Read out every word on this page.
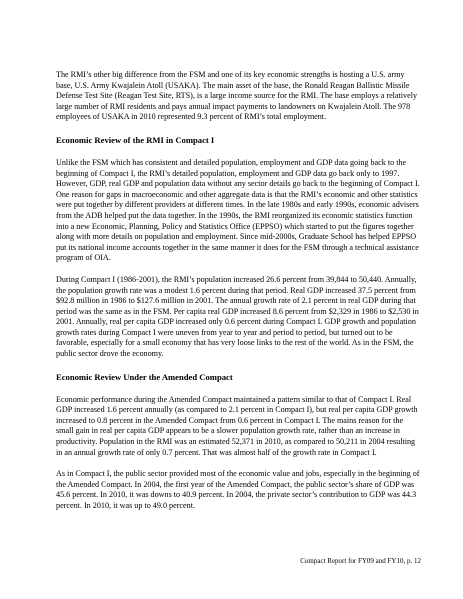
The RMI’s other big difference from the FSM and one of its key economic strengths is hosting a U.S. army base, U.S. Army Kwajalein Atoll (USAKA). The main asset of the base, the Ronald Reagan Ballistic Missile Defense Test Site (Reagan Test Site, RTS), is a large income source for the RMI. The base employs a relatively large number of RMI residents and pays annual impact payments to landowners on Kwajalein Atoll. The 978 employees of USAKA in 2010 represented 9.3 percent of RMI’s total employment.

Economic Review of the RMI in Compact I

Unlike the FSM which has consistent and detailed population, employment and GDP data going back to the beginning of Compact I, the RMI’s detailed population, employment and GDP data go back only to 1997. However, GDP, real GDP and population data without any sector details go back to the beginning of Compact I. One reason for gaps in macroeconomic and other aggregate data is that the RMI’s economic and other statistics were put together by different providers at different times. In the late 1980s and early 1990s, economic advisers from the ADB helped put the data together. In the 1990s, the RMI reorganized its economic statistics function into a new Economic, Planning, Policy and Statistics Office (EPPSO) which started to put the figures together along with more details on population and employment. Since mid-2000s, Graduate School has helped EPPSO put its national income accounts together in the same manner it does for the FSM through a technical assistance program of OIA.

During Compact I (1986-2001), the RMI’s population increased 26.6 percent from 39,844 to 50,440. Annually, the population growth rate was a modest 1.6 percent during that period. Real GDP increased 37.5 percent from $92.8 million in 1986 to $127.6 million in 2001. The annual growth rate of 2.1 percent in real GDP during that period was the same as in the FSM. Per capita real GDP increased 8.6 percent from $2,329 in 1986 to $2,530 in 2001. Annually, real per capita GDP increased only 0.6 percent during Compact I. GDP growth and population growth rates during Compact I were uneven from year to year and period to period, but turned out to be favorable, especially for a small economy that has very loose links to the rest of the world. As in the FSM, the public sector drove the economy.

Economic Review Under the Amended Compact

Economic performance during the Amended Compact maintained a pattern similar to that of Compact I. Real GDP increased 1.6 percent annually (as compared to 2.1 percent in Compact I), but real per capita GDP growth increased to 0.8 percent in the Amended Compact from 0.6 percent in Compact I. The mains reason for the small gain in real per capita GDP appears to be a slower population growth rate, rather than an increase in productivity. Population in the RMI was an estimated 52,371 in 2010, as compared to 50,211 in 2004 resulting in an annual growth rate of only 0.7 percent. That was almost half of the growth rate in Compact I.

As in Compact I, the public sector provided most of the economic value and jobs, especially in the beginning of the Amended Compact. In 2004, the first year of the Amended Compact, the public sector’s share of GDP was 45.6 percent. In 2010, it was downs to 40.9 percent. In 2004, the private sector’s contribution to GDP was 44.3 percent. In 2010, it was up to 49.0 percent.

Compact Report for FY09 and FY10, p. 12
